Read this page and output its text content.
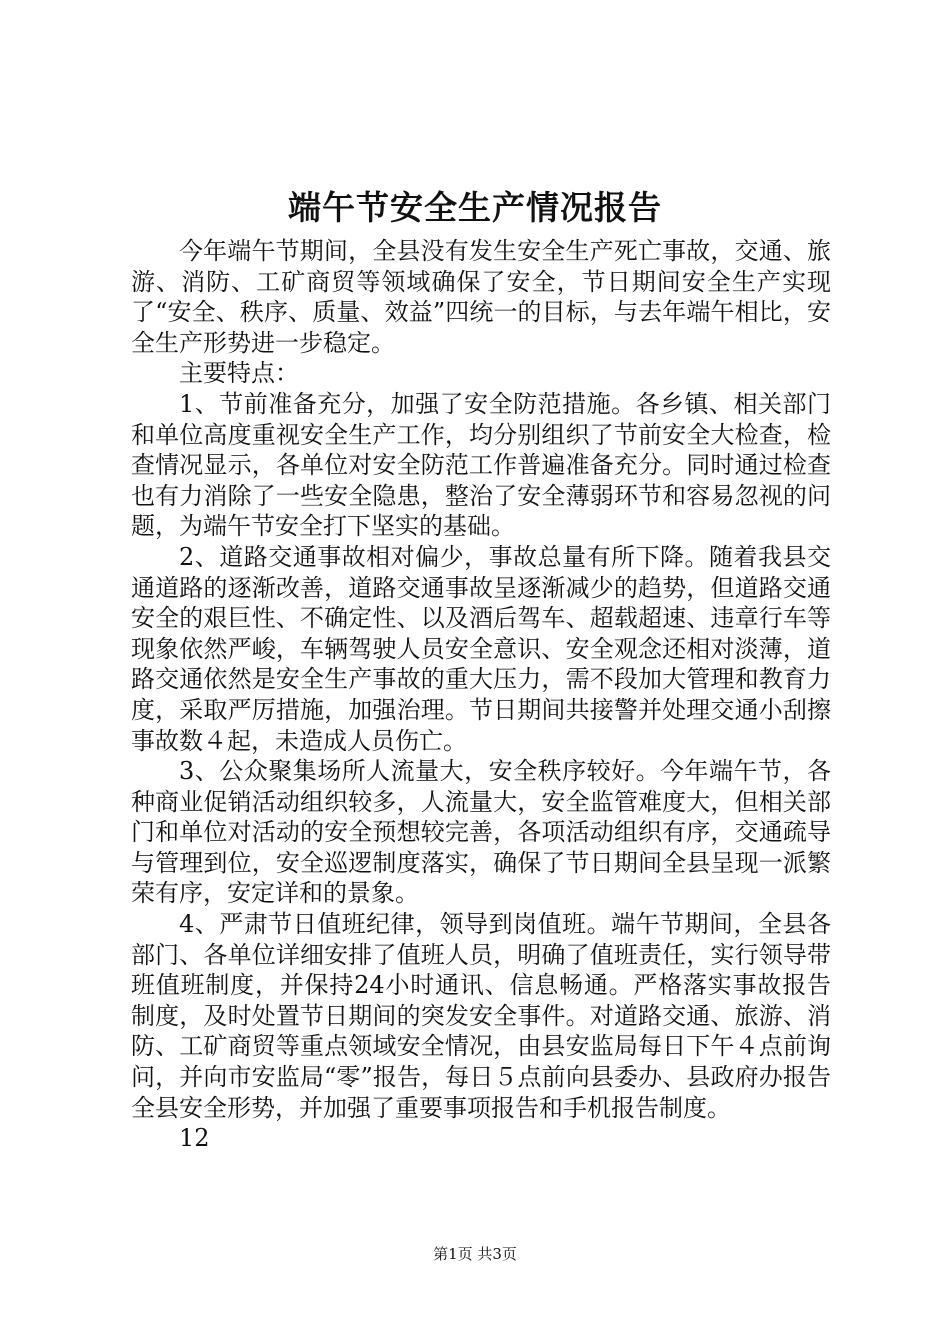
端午节安全生产情况报告

今年端午节期间，全县没有发生安全生产死亡事故，交通、旅游、消防、工矿商贸等领域确保了安全，节日期间安全生产实现了“安全、秩序、质量、效益”四统一的目标，与去年端午相比，安全生产形势进一步稳定。

主要特点：

1、节前准备充分，加强了安全防范措施。各乡镇、相关部门和单位高度重视安全生产工作，均分别组织了节前安全大检查，检查情况显示，各单位对安全防范工作普遍准备充分。同时通过检查也有力消除了一些安全隐患，整治了安全薄弱环节和容易忽视的问题，为端午节安全打下坚实的基础。

2、道路交通事故相对偏少，事故总量有所下降。随着我县交通道路的逐渐改善，道路交通事故呈逐渐减少的趋势，但道路交通安全的艰巨性、不确定性、以及酒后驾车、超载超速、违章行车等现象依然严峻，车辆驾驶人员安全意识、安全观念还相对淡薄，道路交通依然是安全生产事故的重大压力，需不段加大管理和教育力度，采取严厉措施，加强治理。节日期间共接警并处理交通小刮擦事故数４起，未造成人员伤亡。

3、公众聚集场所人流量大，安全秩序较好。今年端午节，各种商业促销活动组织较多，人流量大，安全监管难度大，但相关部门和单位对活动的安全预想较完善，各项活动组织有序，交通疏导与管理到位，安全巡逻制度落实，确保了节日期间全县呈现一派繁荣有序，安定详和的景象。

4、严肃节日值班纪律，领导到岗值班。端午节期间，全县各部门、各单位详细安排了值班人员，明确了值班责任，实行领导带班值班制度，并保持24小时通讯、信息畅通。严格落实事故报告制度，及时处置节日期间的突发安全事件。对道路交通、旅游、消防、工矿商贸等重点领域安全情况，由县安监局每日下午４点前询问，并向市安监局“零”报告，每日５点前向县委办、县政府办报告全县安全形势，并加强了重要事项报告和手机报告制度。

12

第1页 共3页
